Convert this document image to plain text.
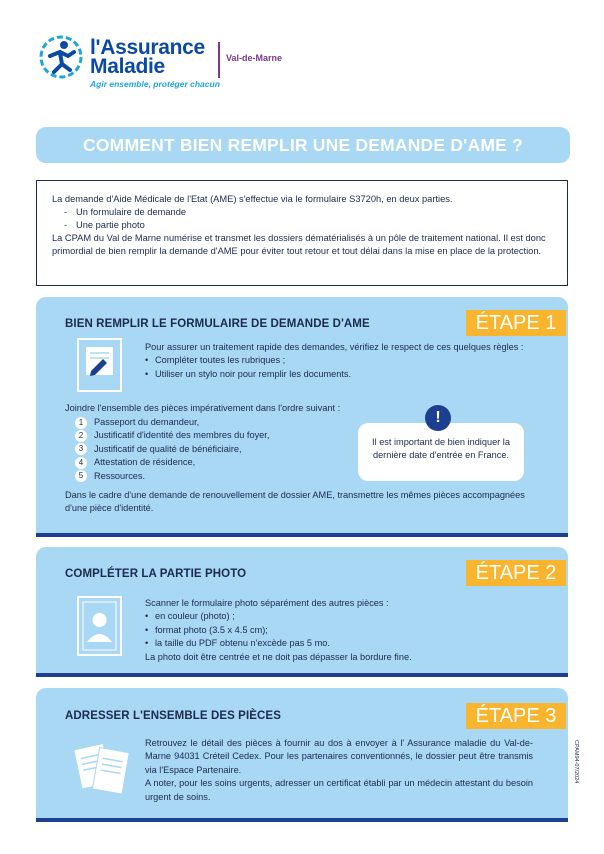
l'Assurance
Maladie
Agir ensemble, protéger chacun
Val-de-Marne
COMMENT BIEN REMPLIR UNE DEMANDE D'AME ?

La demande d'Aide Médicale de l'Etat (AME) s'effectue via le formulaire S3720h, en deux parties.

- Un formulaire de demande
- Une partie photo

La CPAM du Val de Marne numérise et transmet les dossiers dématérialisés à un pôle de traitement national. Il est donc primordial de bien remplir la demande d'AME pour éviter tout retour et tout délai dans la mise en place de la protection.

ÉTAPE 1
BIEN REMPLIR LE FORMULAIRE DE DEMANDE D'AME

Pour assurer un traitement rapide des demandes, vérifiez le respect de ces quelques règles :

• Compléter toutes les rubriques ;
• Utiliser un stylo noir pour remplir les documents.
Joindre l'ensemble des pièces impérativement dans l'ordre suivant :
1	Passeport du demandeur,
2	Justificatif d'identité des membres du foyer,
3	Justificatif de qualité de bénéficiaire,
4	Attestation de résidence,
5	Ressources.
!
Il est important de bien indiquer la dernière date d'entrée en France.
Dans le cadre d'une demande de renouvellement de dossier AME, transmettre les mêmes pièces accompagnées d'une pièce d'identité.
ÉTAPE 2
COMPLÉTER LA PARTIE PHOTO

Scanner le formulaire photo séparément des autres pièces :

• en couleur (photo) ;
• format photo (3.5 x 4.5 cm);
• la taille du PDF obtenu n'excède pas 5 mo.

La photo doit être centrée et ne doit pas dépasser la bordure fine.

ÉTAPE 3
ADRESSER L'ENSEMBLE DES PIÈCES

Retrouvez le détail des pièces à fournir au dos à envoyer à l' Assurance maladie du Val-de-Marne 94031 Créteil Cedex. Pour les partenaires conventionnés, le dossier peut être transmis via l'Espace Partenaire.

A noter, pour les soins urgents, adresser un certificat établi par un médecin attestant du besoin urgent de soins.

CPAM94-07/2024
